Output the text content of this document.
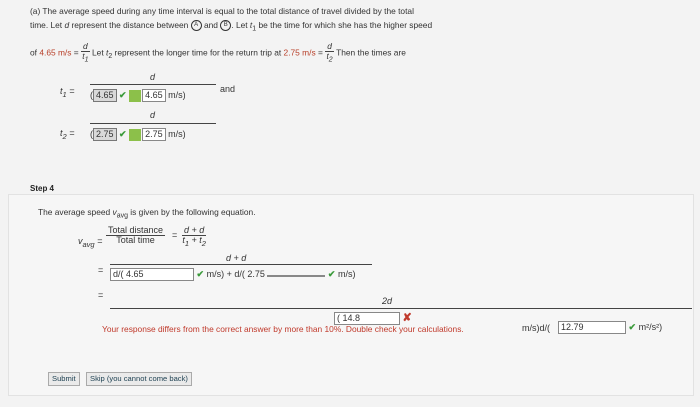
(a) The average speed during any time interval is equal to the total distance of travel divided by the total
time. Let d represent the distance between A and B . Let $t_1$ be the time for which she has the higher speed
of 4.65 $m/s = \frac{d}{t_1}$ Let $t_2$ represent the longer time for the return trip at 2.75 $m/s = \frac{d}{t_2}$ Then the times are
$t_1$ =
d
( 4.65 ✔ 4.65 m/s)
and
$t_2$ =
d
( 2.75 ✔ 2.75 m/s)
Step 4
The average speed $v_{avg}$ is given by the following equation.
$v_{avg} = \frac{\text{Total distance}}{\text{Total time}} = \frac{d + d}{t_1 + t_2}$
d + d
=	d/( 4.65	✔ m/s) + d/( 2.75	✔ m/s)
=
2d
( 14.8	✘
Your response differs from the correct answer by more than 10%. Double check your calculations.	m/s)d/(	12.79	✔ m²/s²)
Submit	Skip (you cannot come back)
